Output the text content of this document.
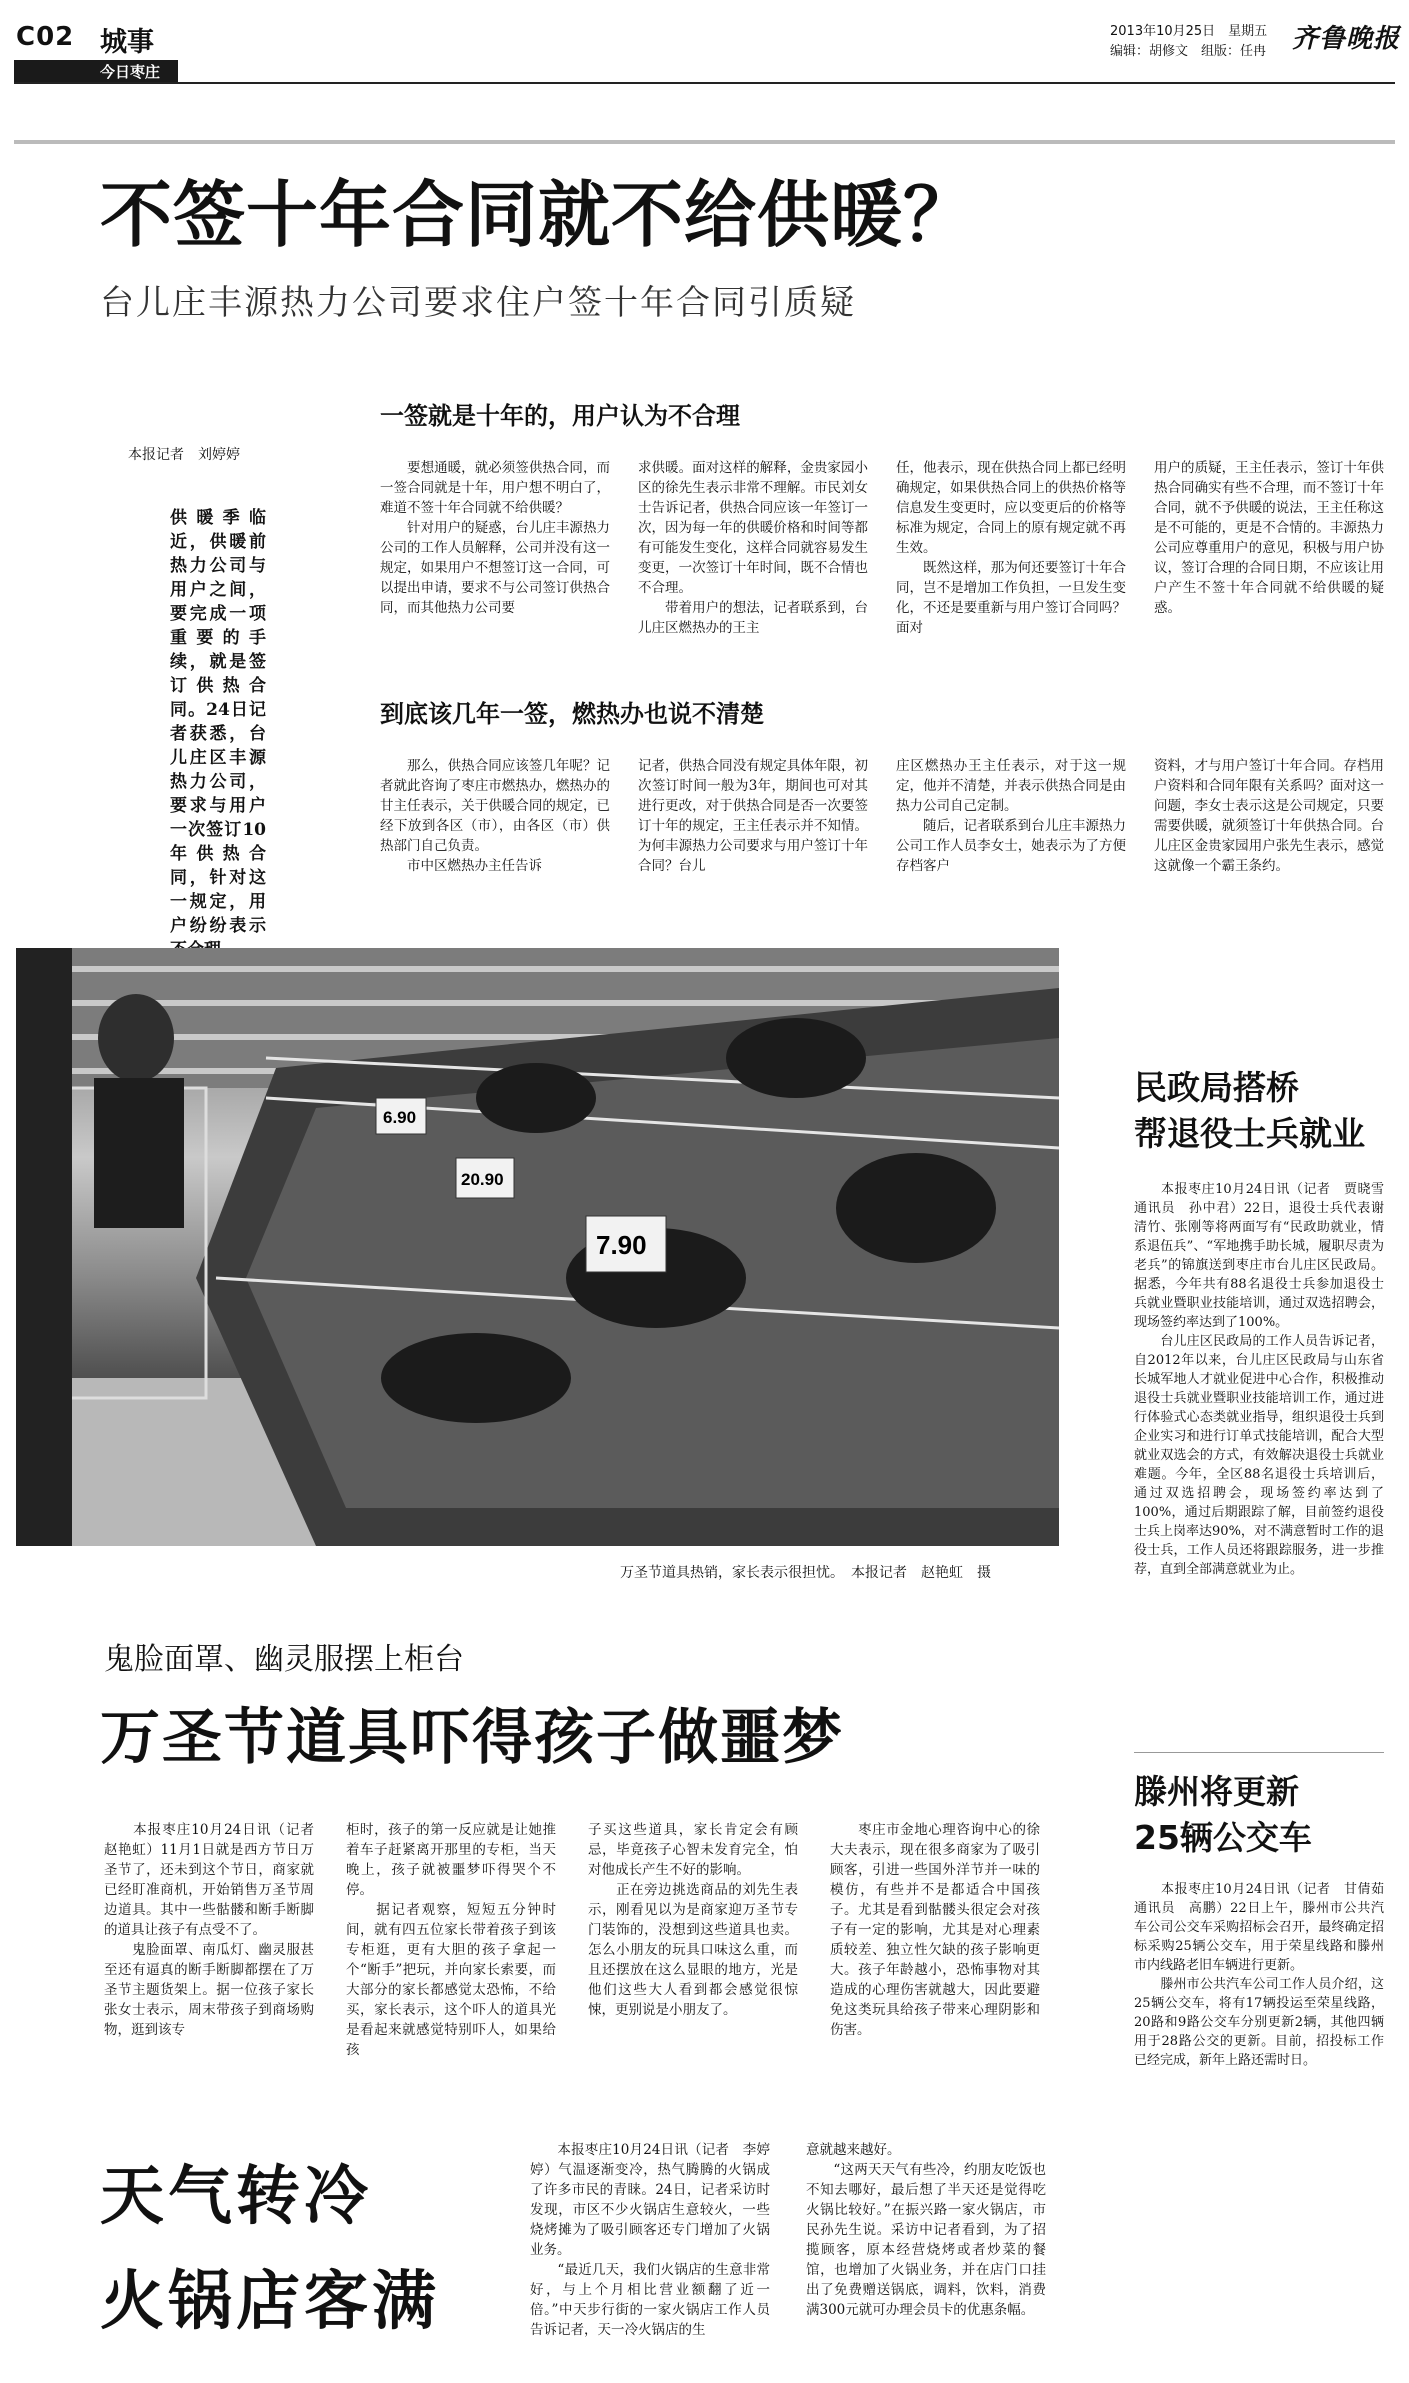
C02 城事
今日枣庄
2013年10月25日　星期五
编辑：胡修文　组版：任冉 齐鲁晚报
不签十年合同就不给供暖？
台儿庄丰源热力公司要求住户签十年合同引质疑
本报记者　刘婷婷
供暖季临近，供暖前热力公司与用户之间，要完成一项重要的手续，就是签订供热合同。24日记者获悉，台儿庄区丰源热力公司，要求与用户一次签订10年供热合同，针对这一规定，用户纷纷表示
一签就是十年的，用户认为不合理
　　要想通暖，就必须签供热合同，而一签合同就是十年，用户想不明白了，难道不签十年合同就不给供暖？
　　针对用户的疑惑，台儿庄丰源热力公司的工作人员解释，公司并没有这一规定，如果用户不想签订这一合同，可以提出申请，要求不与公司签订供热合同，而其他热力公司要
求供暖。面对这样的解释，金贵家园小区的徐先生表示非常不理解。市民刘女士告诉记者，供热合同应该一年签订一次，因为每一年的供暖价格和时间等都有可能发生变化，这样合同就容易发生变更，一次签订十年时间，既不合情也不合理。
　　带着用户的想法，记者联系到，台儿庄区燃热办的王主
任，他表示，现在供热合同上都已经明确规定，如果供热合同上的供热价格等信息发生变更时，应以变更后的价格等标准为规定，合同上的原有规定就不再生效。
　　既然这样，那为何还要签订十年合同，岂不是增加工作负担，一旦发生变化，不还是要重新与用户签订合同吗？面对
用户的质疑，王主任表示，签订十年供热合同确实有些不合理，而不签订十年合同，就不予供暖的说法，王主任称这是不可能的，更是不合情的。丰源热力公司应尊重用户的意见，积极与用户协议，签订合理的合同日期，不应该让用户产生不签十年合同就不给供暖的疑惑。
到底该几年一签，燃热办也说不清楚
　　那么，供热合同应该签几年呢？记者就此咨询了枣庄市燃热办，燃热办的甘主任表示，关于供暖合同的规定，已经下放到各区（市），由各区（市）供热部门自己负责。
　　市中区燃热办主任告诉
记者，供热合同没有规定具体年限，初次签订时间一般为3年，期间也可对其进行更改，对于供热合同是否一次要签订十年的规定，王主任表示并不知情。为何丰源热力公司要求与用户签订十年合同？台儿
庄区燃热办王主任表示，对于这一规定，他并不清楚，并表示供热合同是由热力公司自己定制。
　　随后，记者联系到台儿庄丰源热力公司工作人员李女士，她表示为了方便存档客户
资料，才与用户签订十年合同。存档用户资料和合同年限有关系吗？面对这一问题，李女士表示这是公司规定，只要需要供暖，就须签订十年供热合同。台儿庄区金贵家园用户张先生表示，感觉这就像一个霸王条约。
6.90
20.90
7.90
万圣节道具热销，家长表示很担忧。　本报记者　赵艳虹　摄
鬼脸面罩、幽灵服摆上柜台
万圣节道具吓得孩子做噩梦
　　本报枣庄10月24日讯（记者　赵艳虹）11月1日就是西方节日万圣节了，还未到这个节日，商家就已经盯准商机，开始销售万圣节周边道具。其中一些骷髅和断手断脚的道具让孩子有点受不了。
　　鬼脸面罩、南瓜灯、幽灵服甚至还有逼真的断手断脚都摆在了万圣节主题货架上。据一位孩子家长张女士表示，周末带孩子到商场购物，逛到该专
柜时，孩子的第一反应就是让她推着车子赶紧离开那里的专柜，当天晚上，孩子就被噩梦吓得哭个不停。
　　据记者观察，短短五分钟时间，就有四五位家长带着孩子到该专柜逛，更有大胆的孩子拿起一个“断手”把玩，并向家长索要，而大部分的家长都感觉太恐怖，不给买，家长表示，这个吓人的道具光是看起来就感觉特别吓人，如果给孩
子买这些道具，家长肯定会有顾忌，毕竟孩子心智未发育完全，怕对他成长产生不好的影响。
　　正在旁边挑选商品的刘先生表示，刚看见以为是商家迎万圣节专门装饰的，没想到这些道具也卖。怎么小朋友的玩具口味这么重，而且还摆放在这么显眼的地方，光是他们这些大人看到都会感觉很惊悚，更别说是小朋友了。
　　枣庄市金地心理咨询中心的徐大夫表示，现在很多商家为了吸引顾客，引进一些国外洋节并一味的模仿，有些并不是都适合中国孩子。尤其是看到骷髅头很定会对孩子有一定的影响，尤其是对心理素质较差、独立性欠缺的孩子影响更大。孩子年龄越小，恐怖事物对其造成的心理伤害就越大，因此要避免这类玩具给孩子带来心理阴影和伤害。
天气转冷
火锅店客满
　　本报枣庄10月24日讯（记者　李婷婷）气温逐渐变冷，热气腾腾的火锅成了许多市民的青睐。24日，记者采访时发现，市区不少火锅店生意较火，一些烧烤摊为了吸引顾客还专门增加了火锅业务。
　　“最近几天，我们火锅店的生意非常好，与上个月相比营业额翻了近一倍。”中天步行街的一家火锅店工作人员告诉记者，天一冷火锅店的生
意就越来越好。
　　“这两天天气有些冷，约朋友吃饭也不知去哪好，最后想了半天还是觉得吃火锅比较好。”在振兴路一家火锅店，市民孙先生说。采访中记者看到，为了招揽顾客，原本经营烧烤或者炒菜的餐馆，也增加了火锅业务，并在店门口挂出了免费赠送锅底，调料，饮料，消费满300元就可办理会员卡的优惠条幅。
民政局搭桥
帮退役士兵就业
　　本报枣庄10月24日讯（记者　贾晓雪　通讯员　孙中君）22日，退役士兵代表谢清竹、张刚等将两面写有“民政助就业，情系退伍兵”、“军地携手助长城，履职尽责为老兵”的锦旗送到枣庄市台儿庄区民政局。据悉，今年共有88名退役士兵参加退役士兵就业暨职业技能培训，通过双选招聘会，现场签约率达到了100%。
　　台儿庄区民政局的工作人员告诉记者，自2012年以来，台儿庄区民政局与山东省长城军地人才就业促进中心合作，积极推动退役士兵就业暨职业技能培训工作，通过进行体验式心态类就业指导，组织退役士兵到企业实习和进行订单式技能培训，配合大型就业双选会的方式，有效解决退役士兵就业难题。今年，全区88名退役士兵培训后，通过双选招聘会，现场签约率达到了100%，通过后期跟踪了解，目前签约退役士兵上岗率达90%，对不满意暂时工作的退役士兵，工作人员还将跟踪服务，进一步推荐，直到全部满意就业为止。
滕州将更新
25辆公交车
　　本报枣庄10月24日讯（记者　甘倩茹　通讯员　高鹏）22日上午，滕州市公共汽车公司公交车采购招标会召开，最终确定招标采购25辆公交车，用于荣星线路和滕州市内线路老旧车辆进行更新。
　　滕州市公共汽车公司工作人员介绍，这25辆公交车，将有17辆投运至荣星线路，20路和9路公交车分别更新2辆，其他四辆用于28路公交的更新。目前，招投标工作已经完成，新年上路还需时日。
